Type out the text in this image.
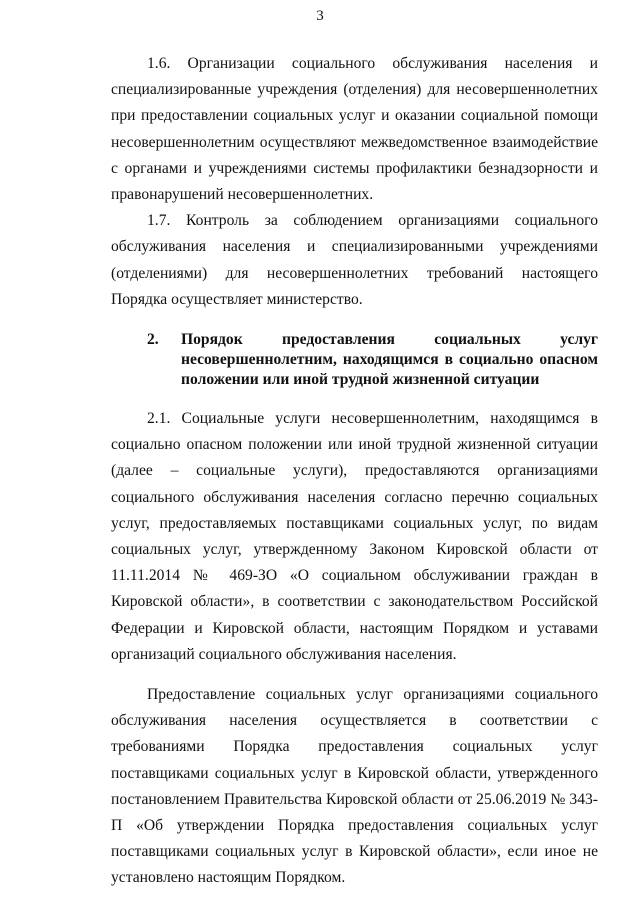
3

1.6. Организации социального обслуживания населения и специализированные учреждения (отделения) для несовершеннолетних при предоставлении социальных услуг и оказании социальной помощи несовершеннолетним осуществляют межведомственное взаимодействие с органами и учреждениями системы профилактики безнадзорности и правонарушений несовершеннолетних.

1.7. Контроль за соблюдением организациями социального обслуживания населения и специализированными учреждениями (отделениями) для несовершеннолетних требований настоящего Порядка осуществляет министерство.

2.	Порядок предоставления социальных услуг несовершеннолетним, находящимся в социально опасном положении или иной трудной жизненной ситуации

2.1. Социальные услуги несовершеннолетним, находящимся в социально опасном положении или иной трудной жизненной ситуации (далее – социальные услуги), предоставляются организациями социального обслуживания населения согласно перечню социальных услуг, предоставляемых поставщиками социальных услуг, по видам социальных услуг, утвержденному Законом Кировской области от 11.11.2014 № 469-ЗО «О социальном обслуживании граждан в Кировской области», в соответствии с законодательством Российской Федерации и Кировской области, настоящим Порядком и уставами организаций социального обслуживания населения.

Предоставление социальных услуг организациями социального обслуживания населения осуществляется в соответствии с требованиями Порядка предоставления социальных услуг поставщиками социальных услуг в Кировской области, утвержденного постановлением Правительства Кировской области от 25.06.2019 № 343-П «Об утверждении Порядка предоставления социальных услуг поставщиками социальных услуг в Кировской области», если иное не установлено настоящим Порядком.
